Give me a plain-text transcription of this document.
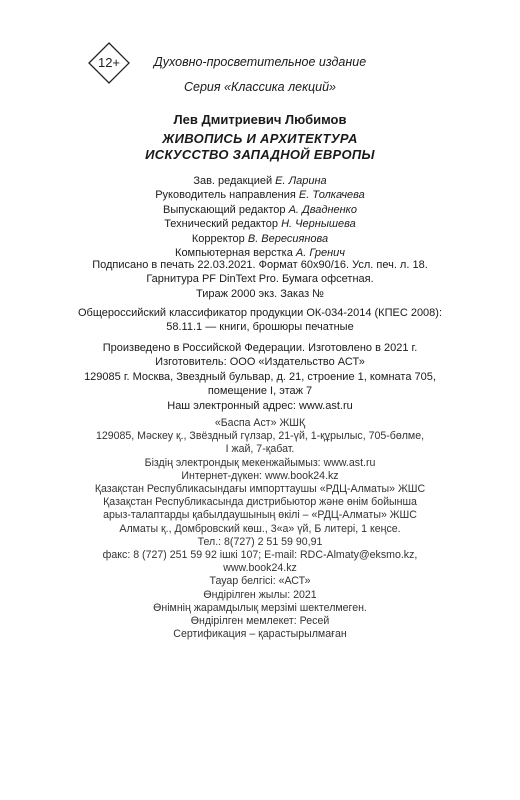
12+	Духовно-просветительное издание
Серия «Классика лекций»
Лев Дмитриевич Любимов
ЖИВОПИСЬ И АРХИТЕКТУРА
ИСКУССТВО ЗАПАДНОЙ ЕВРОПЫ
Зав. редакцией Е. Ларина
Руководитель направления Е. Толкачева
Выпускающий редактор А. Двадненко
Технический редактор Н. Чернышева
Корректор В. Вересиянова
Компьютерная верстка А. Гренич
Подписано в печать 22.03.2021. Формат 60x90/16. Усл. печ. л. 18.
Гарнитура PF DinText Pro. Бумага офсетная.
Тираж 2000 экз. Заказ №
Общероссийский классификатор продукции ОК-034-2014 (КПЕС 2008):
58.11.1 — книги, брошюры печатные
Произведено в Российской Федерации. Изготовлено в 2021 г.
Изготовитель: ООО «Издательство АСТ»
129085 г. Москва, Звездный бульвар, д. 21, строение 1, комната 705,
помещение I, этаж 7
Наш электронный адрес: www.ast.ru
«Баспа Аст» ЖШҚ
129085, Мәскеу қ., Звёздный гүлзар, 21-үй, 1-құрылыс, 705-бөлме,
I жай, 7-қабат.
Біздің электрондық мекенжайымыз: www.ast.ru
Интернет-дүкен: www.book24.kz
Қазақстан Республикасындағы импорттаушы «РДЦ-Алматы» ЖШС
Қазақстан Республикасында дистрибьютор және өнім бойынша
арыз-талаптарды қабылдаушының өкілі – «РДЦ-Алматы» ЖШС
Алматы қ., Домбровский көш., 3«а» үй, Б литері, 1 кеңсе.
Тел.: 8(727) 2 51 59 90,91
факс: 8 (727) 251 59 92 ішкі 107; E-mail: RDC-Almaty@eksmo.kz,
www.book24.kz
Тауар белгісі: «АСТ»
Өндірілген жылы: 2021
Өнімнің жарамдылық мерзімі шектелмеген.
Өндірілген мемлекет: Ресей
Сертификация – қарастырылмаған
